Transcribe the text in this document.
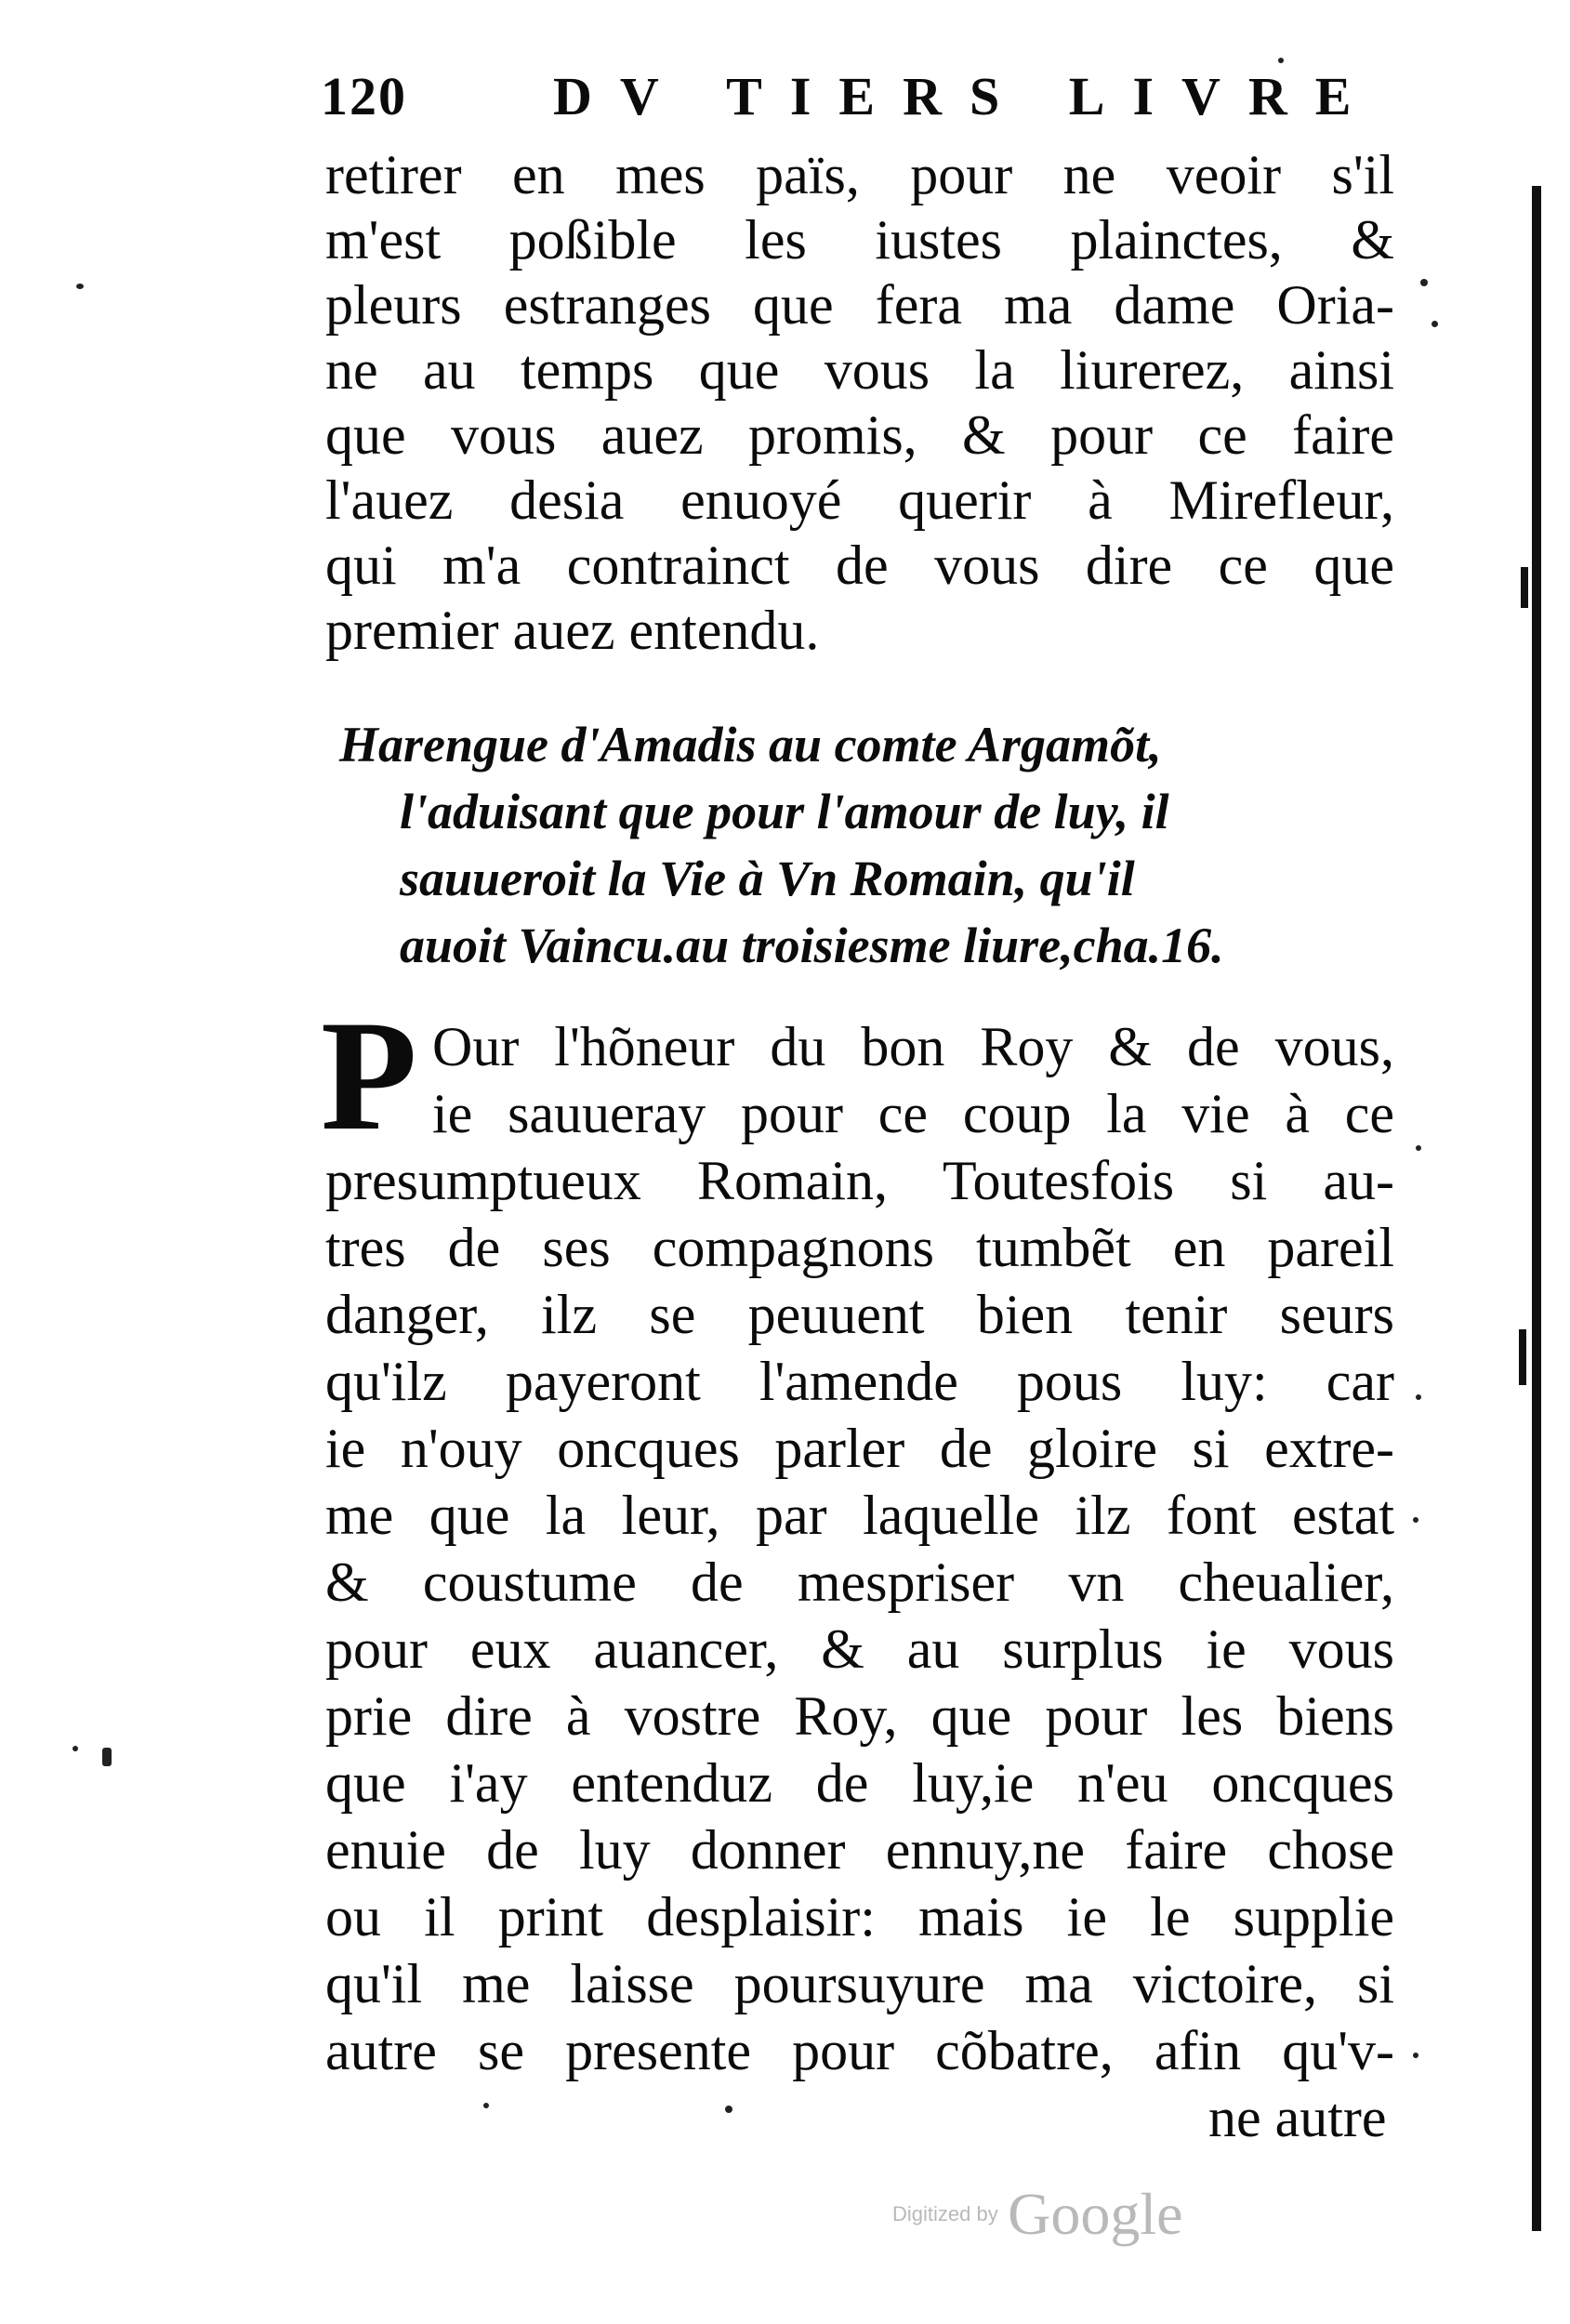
120	DV TIERS LIVRE
retirer en mes païs, pour ne veoir s'il
m'est poßible les iustes plainctes, &
pleurs estranges que fera ma dame Oria-
ne au temps que vous la liurerez, ainsi
que vous auez promis, & pour ce faire
l'auez desia enuoyé querir à Mirefleur,
qui m'a contrainct de vous dire ce que
premier auez entendu.
Harengue d'Amadis au comte Argamõt,
l'aduisant que pour l'amour de luy, il
sauueroit la Vie à Vn Romain, qu'il
auoit Vaincu.au troisiesme liure,cha.16.
P Our l'hõneur du bon Roy & de vous,
ie sauueray pour ce coup la vie à ce
presumptueux Romain, Toutesfois si au-
tres de ses compagnons tumbẽt en pareil
danger, ilz se peuuent bien tenir seurs
qu'ilz payeront l'amende pous luy: car
ie n'ouy oncques parler de gloire si extre-
me que la leur, par laquelle ilz font estat
& coustume de mespriser vn cheualier,
pour eux auancer, & au surplus ie vous
prie dire à vostre Roy, que pour les biens
que i'ay entenduz de luy,ie n'eu oncques
enuie de luy donner ennuy,ne faire chose
ou il print desplaisir: mais ie le supplie
qu'il me laisse poursuyure ma victoire, si
autre se presente pour cõbatre, afin qu'v-
ne autre
Digitized by Google
